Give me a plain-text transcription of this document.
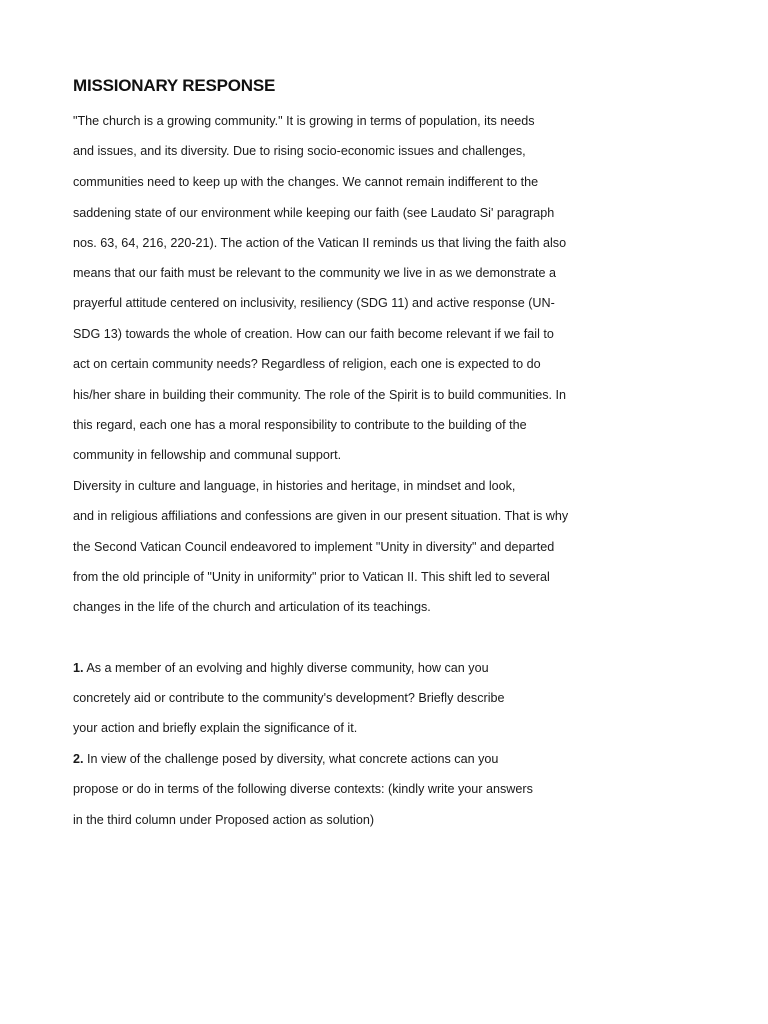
MISSIONARY RESPONSE
"The church is a growing community." It is growing in terms of population, its needs
and issues, and its diversity. Due to rising socio-economic issues and challenges,
communities need to keep up with the changes. We cannot remain indifferent to the
saddening state of our environment while keeping our faith (see Laudato Si' paragraph
nos. 63, 64, 216, 220-21). The action of the Vatican II reminds us that living the faith also
means that our faith must be relevant to the community we live in as we demonstrate a
prayerful attitude centered on inclusivity, resiliency (SDG 11) and active response (UN-
SDG 13) towards the whole of creation. How can our faith become relevant if we fail to
act on certain community needs? Regardless of religion, each one is expected to do
his/her share in building their community. The role of the Spirit is to build communities. In
this regard, each one has a moral responsibility to contribute to the building of the
community in fellowship and communal support.
Diversity in culture and language, in histories and heritage, in mindset and look,
and in religious affiliations and confessions are given in our present situation. That is why
the Second Vatican Council endeavored to implement "Unity in diversity" and departed
from the old principle of "Unity in uniformity" prior to Vatican II. This shift led to several
changes in the life of the church and articulation of its teachings.
1. As a member of an evolving and highly diverse community, how can you
concretely aid or contribute to the community's development? Briefly describe
your action and briefly explain the significance of it.
2. In view of the challenge posed by diversity, what concrete actions can you
propose or do in terms of the following diverse contexts: (kindly write your answers
in the third column under Proposed action as solution)
